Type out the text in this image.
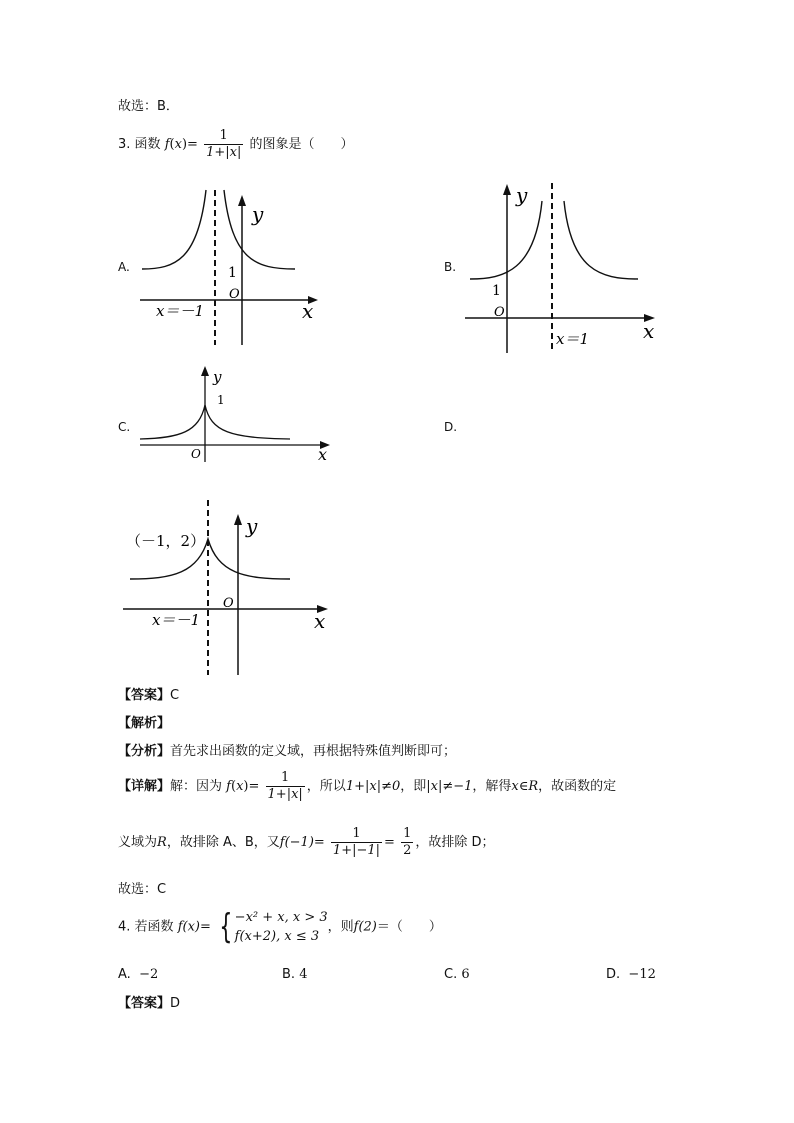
故选：B．
3. 函数 $f(x)= \frac{1}{1+|x|}$ 的图象是（　　）
A.
y
1
O
x
x＝－1
B.
y
1
O
x
x＝1
C.
y
1
O	x
D.
y
（－1，2）
O
x
x＝－1
【答案】C
【解析】
【分析】首先求出函数的定义域，再根据特殊值判断即可；
【详解】解：因为 $f(x)= \frac{1}{1+|x|}$ ，所以1+|x|≠0，即|x|≠−1，解得x∈R，故函数的定
义域为R，故排除 A、B，又$f(-1)= \frac{1}{1+|-1|} = \frac{1}{2}$ ，故排除 D；
故选：C
4. 若函数 f(x)= { −x² + x, x > 3
f(x+2), x ≤ 3
，则f(2)＝（　　）
A. −2	B. 4	C. 6	D. −12
【答案】D
